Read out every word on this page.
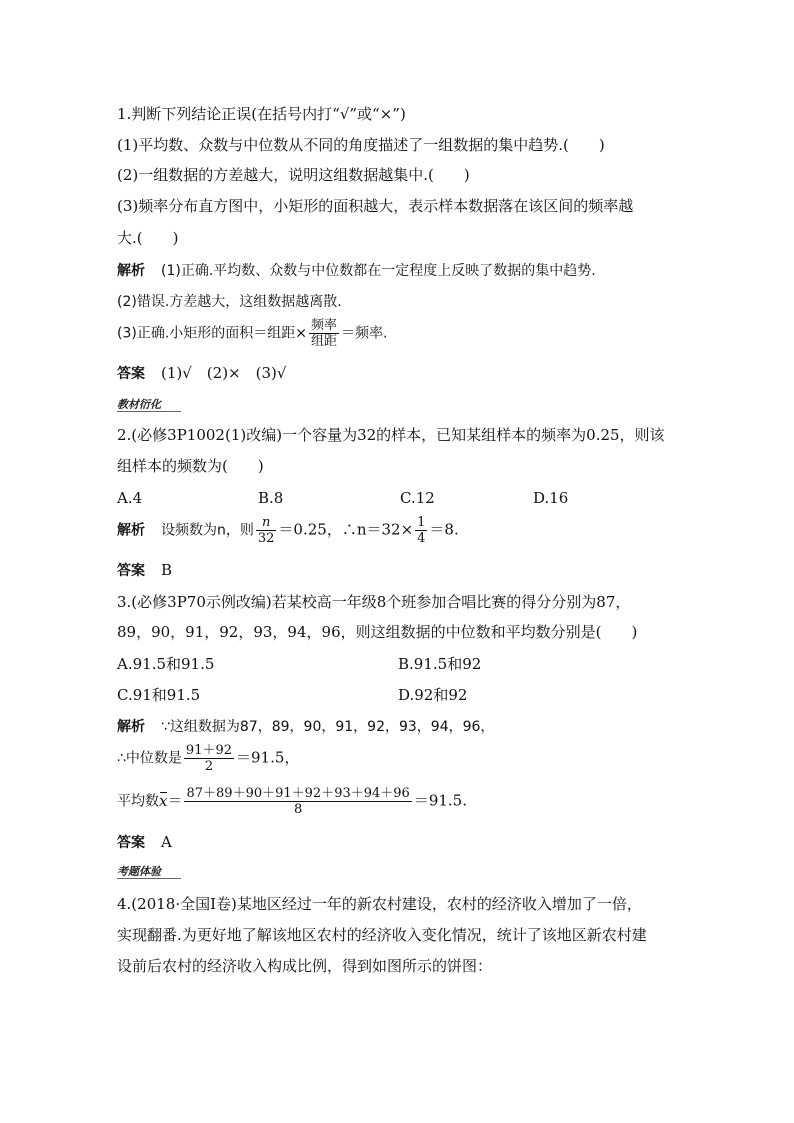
1.判断下列结论正误(在括号内打“√”或“×”)
(1)平均数、众数与中位数从不同的角度描述了一组数据的集中趋势.(　　)
(2)一组数据的方差越大，说明这组数据越集中.(　　)
(3)频率分布直方图中，小矩形的面积越大，表示样本数据落在该区间的频率越
大.(　　)
解析 (1)正确.平均数、众数与中位数都在一定程度上反映了数据的集中趋势.
(2)错误.方差越大，这组数据越离散.
(3)正确.小矩形的面积＝组距× $\frac{\text{频率}}{\text{组距}}$ ＝频率.
答案 (1)√　(2)×　(3)√
教材衍化
2.(必修3P1002(1)改编)一个容量为32的样本，已知某组样本的频率为0.25，则该
组样本的频数为(　　)
A.4	B.8	C.12	D.16
解析 设频数为n，则 $\frac{n}{32} =0.25$，∴n＝32× $\frac{1}{4} =8$.
答案 B
3.(必修3P70示例改编)若某校高一年级8个班参加合唱比赛的得分分别为87，
89，90，91，92，93，94，96，则这组数据的中位数和平均数分别是(　　)
A.91.5和91.5	B.91.5和92
C.91和91.5	D.92和92
解析 ∵这组数据为87，89，90，91，92，93，94，96，
∴中位数是 $\frac{91+92}{2} =91.5$，
平均数$x= \frac{87+89+90+91+92+93+94+96}{8} =91.5$.
答案 A
考题体验
4.(2018·全国Ⅰ卷)某地区经过一年的新农村建设，农村的经济收入增加了一倍，
实现翻番.为更好地了解该地区农村的经济收入变化情况，统计了该地区新农村建
设前后农村的经济收入构成比例，得到如图所示的饼图：
